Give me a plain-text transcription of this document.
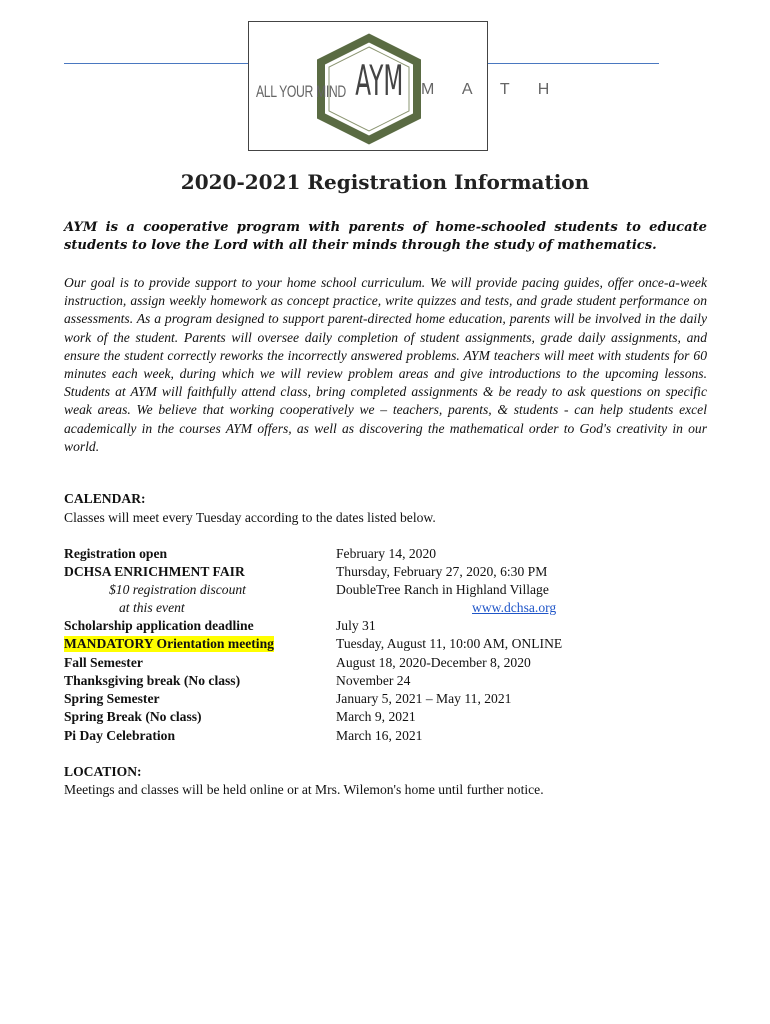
ALL YOUR MIND AYM M A T H
2020-2021 Registration Information

AYM is a cooperative program with parents of home-schooled students to educate students to love the Lord with all their minds through the study of mathematics.

Our goal is to provide support to your home school curriculum. We will provide pacing guides, offer once-a-week instruction, assign weekly homework as concept practice, write quizzes and tests, and grade student performance on assessments. As a program designed to support parent-directed home education, parents will be involved in the daily work of the student. Parents will oversee daily completion of student assignments, grade daily assignments, and ensure the student correctly reworks the incorrectly answered problems. AYM teachers will meet with students for 60 minutes each week, during which we will review problem areas and give introductions to the upcoming lessons. Students at AYM will faithfully attend class, bring completed assignments & be ready to ask questions on specific weak areas. We believe that working cooperatively we – teachers, parents, & students - can help students excel academically in the courses AYM offers, as well as discovering the mathematical order to God's creativity in our world.

CALENDAR:
Classes will meet every Tuesday according to the dates listed below.
Registration open	February 14, 2020
DCHSA ENRICHMENT FAIR	Thursday, February 27, 2020, 6:30 PM
$10 registration discount	DoubleTree Ranch in Highland Village
at this event	www.dchsa.org
Scholarship application deadline	July 31
MANDATORY Orientation meeting	Tuesday, August 11, 10:00 AM, ONLINE
Fall Semester	August 18, 2020-December 8, 2020
Thanksgiving break (No class)	November 24
Spring Semester	January 5, 2021 – May 11, 2021
Spring Break (No class)	March 9, 2021
Pi Day Celebration	March 16, 2021
LOCATION:
Meetings and classes will be held online or at Mrs. Wilemon's home until further notice.
